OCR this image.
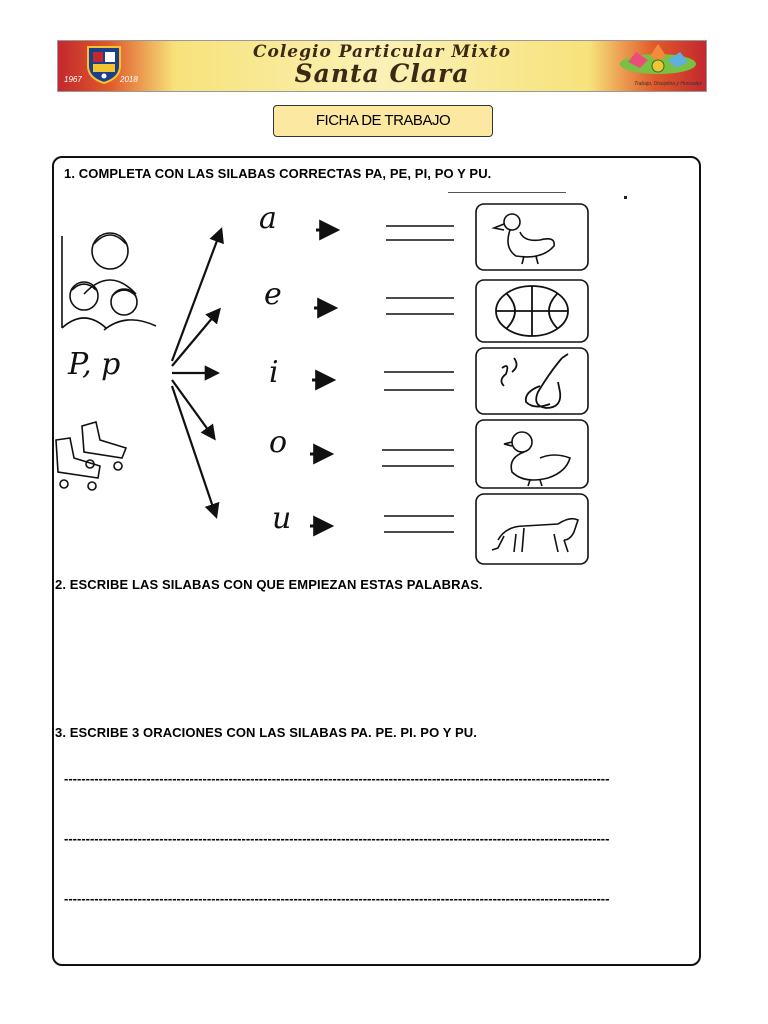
1967	2018
Colegio Particular Mixto
Santa Clara	Trabajo, Disciplina y Honradez
FICHA DE TRABAJO
1. COMPLETA CON LAS SILABAS CORRECTAS PA, PE, PI, PO Y PU.
P, p
a
e
i
o
u
2. ESCRIBE LAS SILABAS CON QUE EMPIEZAN ESTAS PALABRAS.
3. ESCRIBE 3 ORACIONES CON LAS SILABAS PA. PE. PI. PO Y PU.
------------------------------------------------------------------------------------------------------------------------------
------------------------------------------------------------------------------------------------------------------------------
------------------------------------------------------------------------------------------------------------------------------
